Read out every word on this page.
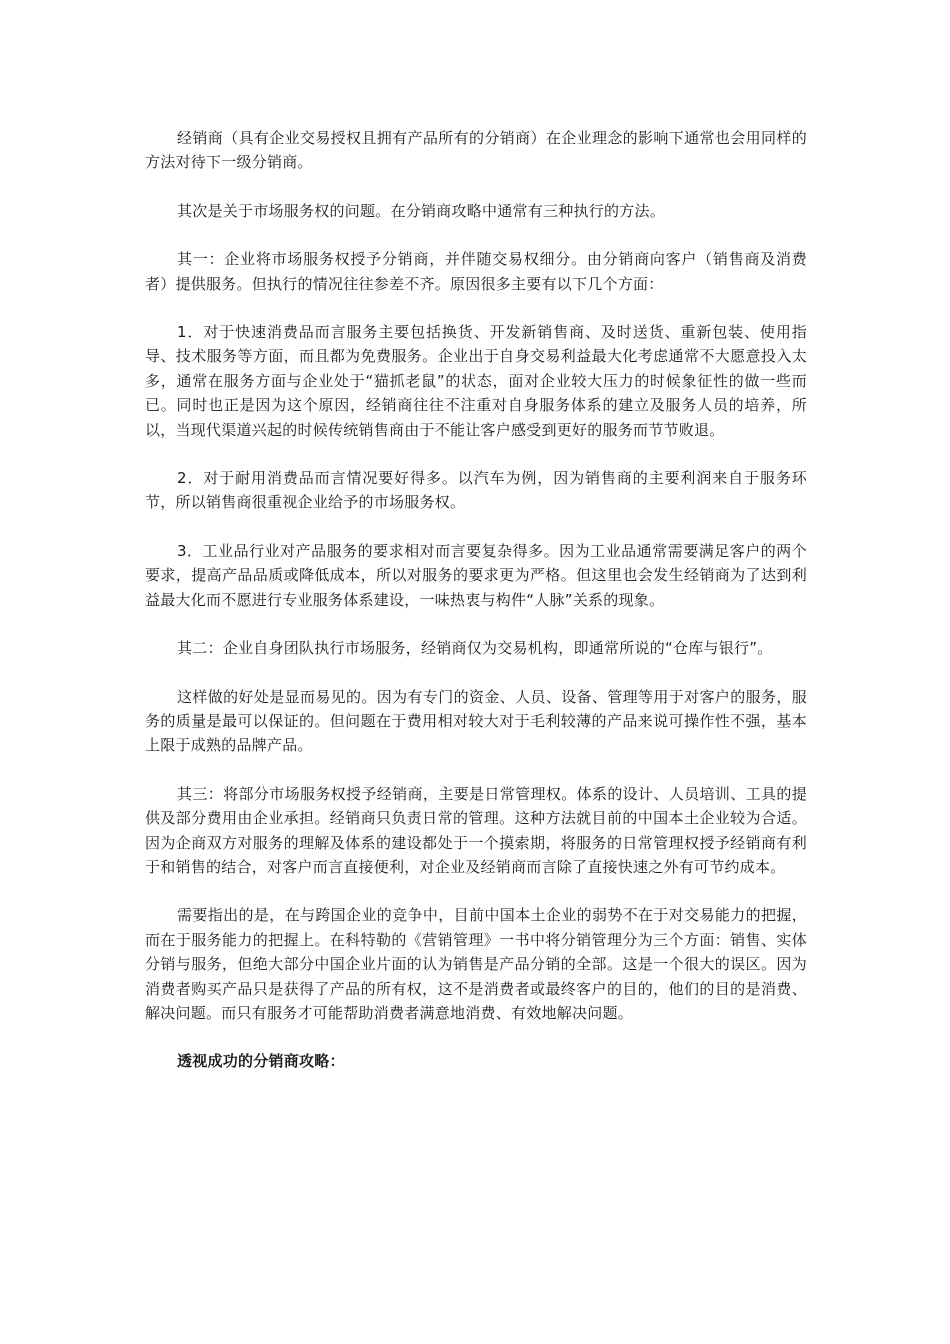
经销商（具有企业交易授权且拥有产品所有的分销商）在企业理念的影响下通常也会用同样的方法对待下一级分销商。

其次是关于市场服务权的问题。在分销商攻略中通常有三种执行的方法。

其一：企业将市场服务权授予分销商，并伴随交易权细分。由分销商向客户（销售商及消费者）提供服务。但执行的情况往往参差不齐。原因很多主要有以下几个方面：

1．对于快速消费品而言服务主要包括换货、开发新销售商、及时送货、重新包装、使用指导、技术服务等方面，而且都为免费服务。企业出于自身交易利益最大化考虑通常不大愿意投入太多，通常在服务方面与企业处于“猫抓老鼠”的状态，面对企业较大压力的时候象征性的做一些而已。同时也正是因为这个原因，经销商往往不注重对自身服务体系的建立及服务人员的培养，所以，当现代渠道兴起的时候传统销售商由于不能让客户感受到更好的服务而节节败退。

2．对于耐用消费品而言情况要好得多。以汽车为例，因为销售商的主要利润来自于服务环节，所以销售商很重视企业给予的市场服务权。

3．工业品行业对产品服务的要求相对而言要复杂得多。因为工业品通常需要满足客户的两个要求，提高产品品质或降低成本，所以对服务的要求更为严格。但这里也会发生经销商为了达到利益最大化而不愿进行专业服务体系建设，一味热衷与构件“人脉”关系的现象。

其二：企业自身团队执行市场服务，经销商仅为交易机构，即通常所说的“仓库与银行”。

这样做的好处是显而易见的。因为有专门的资金、人员、设备、管理等用于对客户的服务，服务的质量是最可以保证的。但问题在于费用相对较大对于毛利较薄的产品来说可操作性不强，基本上限于成熟的品牌产品。

其三：将部分市场服务权授予经销商，主要是日常管理权。体系的设计、人员培训、工具的提供及部分费用由企业承担。经销商只负责日常的管理。这种方法就目前的中国本土企业较为合适。因为企商双方对服务的理解及体系的建设都处于一个摸索期，将服务的日常管理权授予经销商有利于和销售的结合，对客户而言直接便利，对企业及经销商而言除了直接快速之外有可节约成本。

需要指出的是，在与跨国企业的竞争中，目前中国本土企业的弱势不在于对交易能力的把握，而在于服务能力的把握上。在科特勒的《营销管理》一书中将分销管理分为三个方面：销售、实体分销与服务，但绝大部分中国企业片面的认为销售是产品分销的全部。这是一个很大的误区。因为消费者购买产品只是获得了产品的所有权，这不是消费者或最终客户的目的，他们的目的是消费、解决问题。而只有服务才可能帮助消费者满意地消费、有效地解决问题。

透视成功的分销商攻略：
